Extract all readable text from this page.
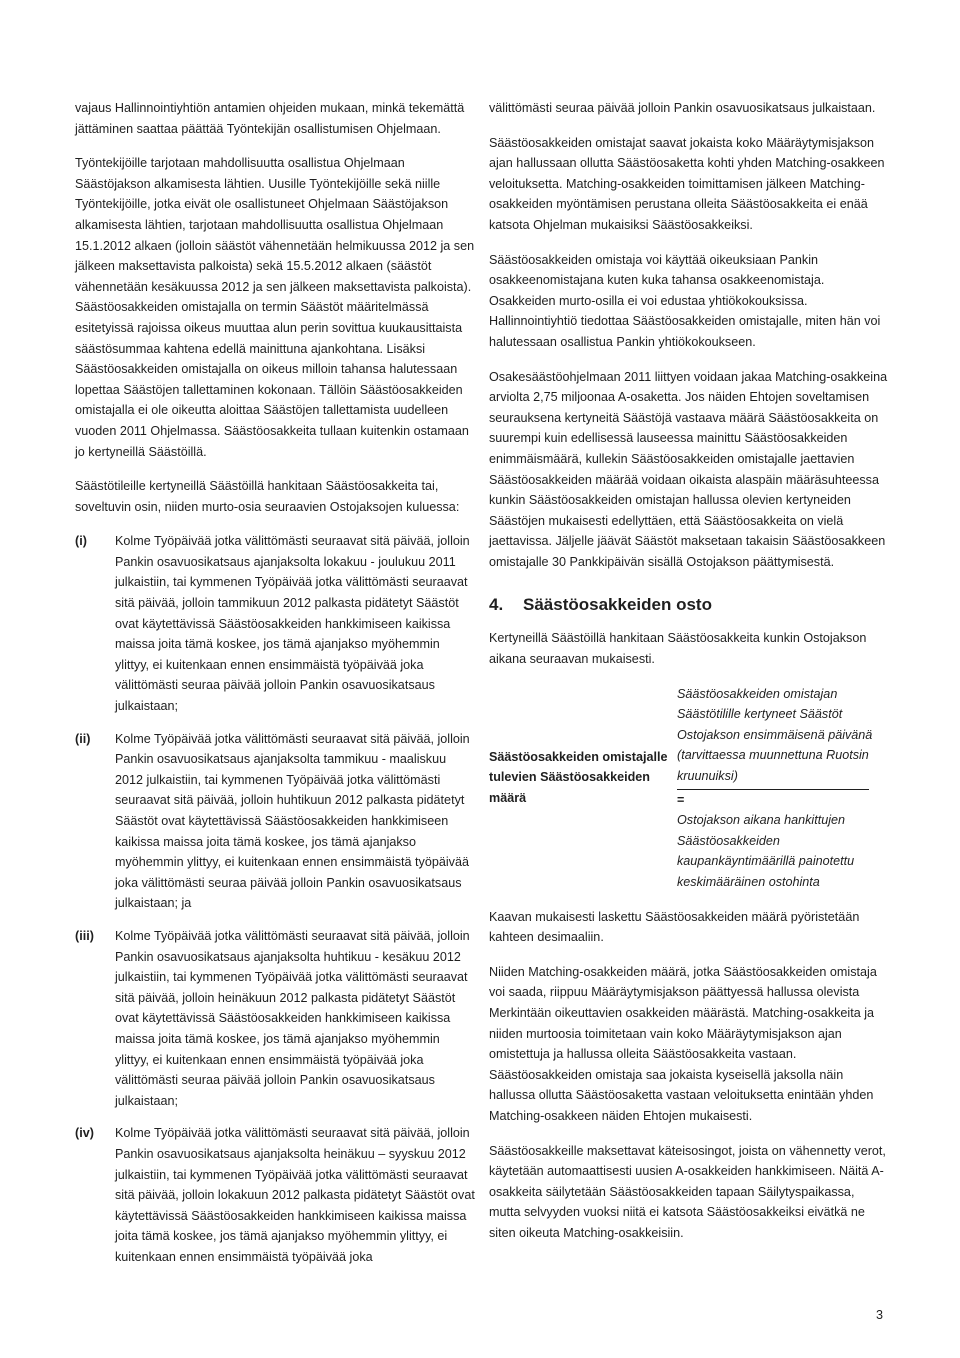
vajaus Hallinnointiyhtiön antamien ohjeiden mukaan, minkä tekemättä jättäminen saattaa päättää Työntekijän osallistumisen Ohjelmaan.

Työntekijöille tarjotaan mahdollisuutta osallistua Ohjelmaan Säästöjakson alkamisesta lähtien. Uusille Työntekijöille sekä niille Työntekijöille, jotka eivät ole osallistuneet Ohjelmaan Säästöjakson alkamisesta lähtien, tarjotaan mahdollisuutta osallistua Ohjelmaan 15.1.2012 alkaen (jolloin säästöt vähennetään helmikuussa 2012 ja sen jälkeen maksettavista palkoista) sekä 15.5.2012 alkaen (säästöt vähennetään kesäkuussa 2012 ja sen jälkeen maksettavista palkoista). Säästöosakkeiden omistajalla on termin Säästöt määritelmässä esitetyissä rajoissa oikeus muuttaa alun perin sovittua kuukausittaista säästösummaa kahtena edellä mainittuna ajankohtana. Lisäksi Säästöosakkeiden omistajalla on oikeus milloin tahansa halutessaan lopettaa Säästöjen tallettaminen kokonaan. Tällöin Säästöosakkeiden omistajalla ei ole oikeutta aloittaa Säästöjen tallettamista uudelleen vuoden 2011 Ohjelmassa. Säästöosakkeita tullaan kuitenkin ostamaan jo kertyneillä Säästöillä.

Säästötileille kertyneillä Säästöillä hankitaan Säästöosakkeita tai, soveltuvin osin, niiden murto-osia seuraavien Ostojaksojen kuluessa:

(i)	Kolme Työpäivää jotka välittömästi seuraavat sitä päivää, jolloin Pankin osavuosikatsaus ajanjaksolta lokakuu - joulukuu 2011 julkaistiin, tai kymmenen Työpäivää jotka välittömästi seuraavat sitä päivää, jolloin tammikuun 2012 palkasta pidätetyt Säästöt ovat käytettävissä Säästöosakkeiden hankkimiseen kaikissa maissa joita tämä koskee, jos tämä ajanjakso myöhemmin ylittyy, ei kuitenkaan ennen ensimmäistä työpäivää joka välittömästi seuraa päivää jolloin Pankin osavuosikatsaus julkaistaan;
(ii)	Kolme Työpäivää jotka välittömästi seuraavat sitä päivää, jolloin Pankin osavuosikatsaus ajanjaksolta tammikuu - maaliskuu 2012 julkaistiin, tai kymmenen Työpäivää jotka välittömästi seuraavat sitä päivää, jolloin huhtikuun 2012 palkasta pidätetyt Säästöt ovat käytettävissä Säästöosakkeiden hankkimiseen kaikissa maissa joita tämä koskee, jos tämä ajanjakso myöhemmin ylittyy, ei kuitenkaan ennen ensimmäistä työpäivää joka välittömästi seuraa päivää jolloin Pankin osavuosikatsaus julkaistaan; ja
(iii)	Kolme Työpäivää jotka välittömästi seuraavat sitä päivää, jolloin Pankin osavuosikatsaus ajanjaksolta huhtikuu - kesäkuu 2012 julkaistiin, tai kymmenen Työpäivää jotka välittömästi seuraavat sitä päivää, jolloin heinäkuun 2012 palkasta pidätetyt Säästöt ovat käytettävissä Säästöosakkeiden hankkimiseen kaikissa maissa joita tämä koskee, jos tämä ajanjakso myöhemmin ylittyy, ei kuitenkaan ennen ensimmäistä työpäivää joka välittömästi seuraa päivää jolloin Pankin osavuosikatsaus julkaistaan;
(iv)	Kolme Työpäivää jotka välittömästi seuraavat sitä päivää, jolloin Pankin osavuosikatsaus ajanjaksolta heinäkuu – syyskuu 2012 julkaistiin, tai kymmenen Työpäivää jotka välittömästi seuraavat sitä päivää, jolloin lokakuun 2012 palkasta pidätetyt Säästöt ovat käytettävissä Säästöosakkeiden hankkimiseen kaikissa maissa joita tämä koskee, jos tämä ajanjakso myöhemmin ylittyy, ei kuitenkaan ennen ensimmäistä työpäivää joka

välittömästi seuraa päivää jolloin Pankin osavuosikatsaus julkaistaan.

Säästöosakkeiden omistajat saavat jokaista koko Määräytymisjakson ajan hallussaan ollutta Säästöosaketta kohti yhden Matching-osakkeen veloituksetta. Matching-osakkeiden toimittamisen jälkeen Matching-osakkeiden myöntämisen perustana olleita Säästöosakkeita ei enää katsota Ohjelman mukaisiksi Säästöosakkeiksi.

Säästöosakkeiden omistaja voi käyttää oikeuksiaan Pankin osakkeenomistajana kuten kuka tahansa osakkeenomistaja. Osakkeiden murto-osilla ei voi edustaa yhtiökokouksissa. Hallinnointiyhtiö tiedottaa Säästöosakkeiden omistajalle, miten hän voi halutessaan osallistua Pankin yhtiökokoukseen.

Osakesäästöohjelmaan 2011 liittyen voidaan jakaa Matching-osakkeina arviolta 2,75 miljoonaa A-osaketta. Jos näiden Ehtojen soveltamisen seurauksena kertyneitä Säästöjä vastaava määrä Säästöosakkeita on suurempi kuin edellisessä lauseessa mainittu Säästöosakkeiden enimmäismäärä, kullekin Säästöosakkeiden omistajalle jaettavien Säästöosakkeiden määrää voidaan oikaista alaspäin määräsuhteessa kunkin Säästöosakkeiden omistajan hallussa olevien kertyneiden Säästöjen mukaisesti edellyttäen, että Säästöosakkeita on vielä jaettavissa. Jäljelle jäävät Säästöt maksetaan takaisin Säästöosakkeen omistajalle 30 Pankkipäivän sisällä Ostojakson päättymisestä.

4.	Säästöosakkeiden osto

Kertyneillä Säästöillä hankitaan Säästöosakkeita kunkin Ostojakson aikana seuraavan mukaisesti.

Säästöosakkeiden omistajalle tulevien Säästöosakkeiden määrä
Säästöosakkeiden omistajan Säästötilille kertyneet Säästöt Ostojakson ensimmäisenä päivänä (tarvittaessa muunnettuna Ruotsin kruunuiksi)
=
Ostojakson aikana hankittujen Säästöosakkeiden kaupankäyntimäärillä painotettu keskimääräinen ostohinta

Kaavan mukaisesti laskettu Säästöosakkeiden määrä pyöristetään kahteen desimaaliin.

Niiden Matching-osakkeiden määrä, jotka Säästöosakkeiden omistaja voi saada, riippuu Määräytymisjakson päättyessä hallussa olevista Merkintään oikeuttavien osakkeiden määrästä. Matching-osakkeita ja niiden murtoosia toimitetaan vain koko Määräytymisjakson ajan omistettuja ja hallussa olleita Säästöosakkeita vastaan. Säästöosakkeiden omistaja saa jokaista kyseisellä jaksolla näin hallussa ollutta Säästöosaketta vastaan veloituksetta enintään yhden Matching-osakkeen näiden Ehtojen mukaisesti.

Säästöosakkeille maksettavat käteisosingot, joista on vähennetty verot, käytetään automaattisesti uusien A-osakkeiden hankkimiseen. Näitä A-osakkeita säilytetään Säästöosakkeiden tapaan Säilytyspaikassa, mutta selvyyden vuoksi niitä ei katsota Säästöosakkeiksi eivätkä ne siten oikeuta Matching-osakkeisiin.

3
